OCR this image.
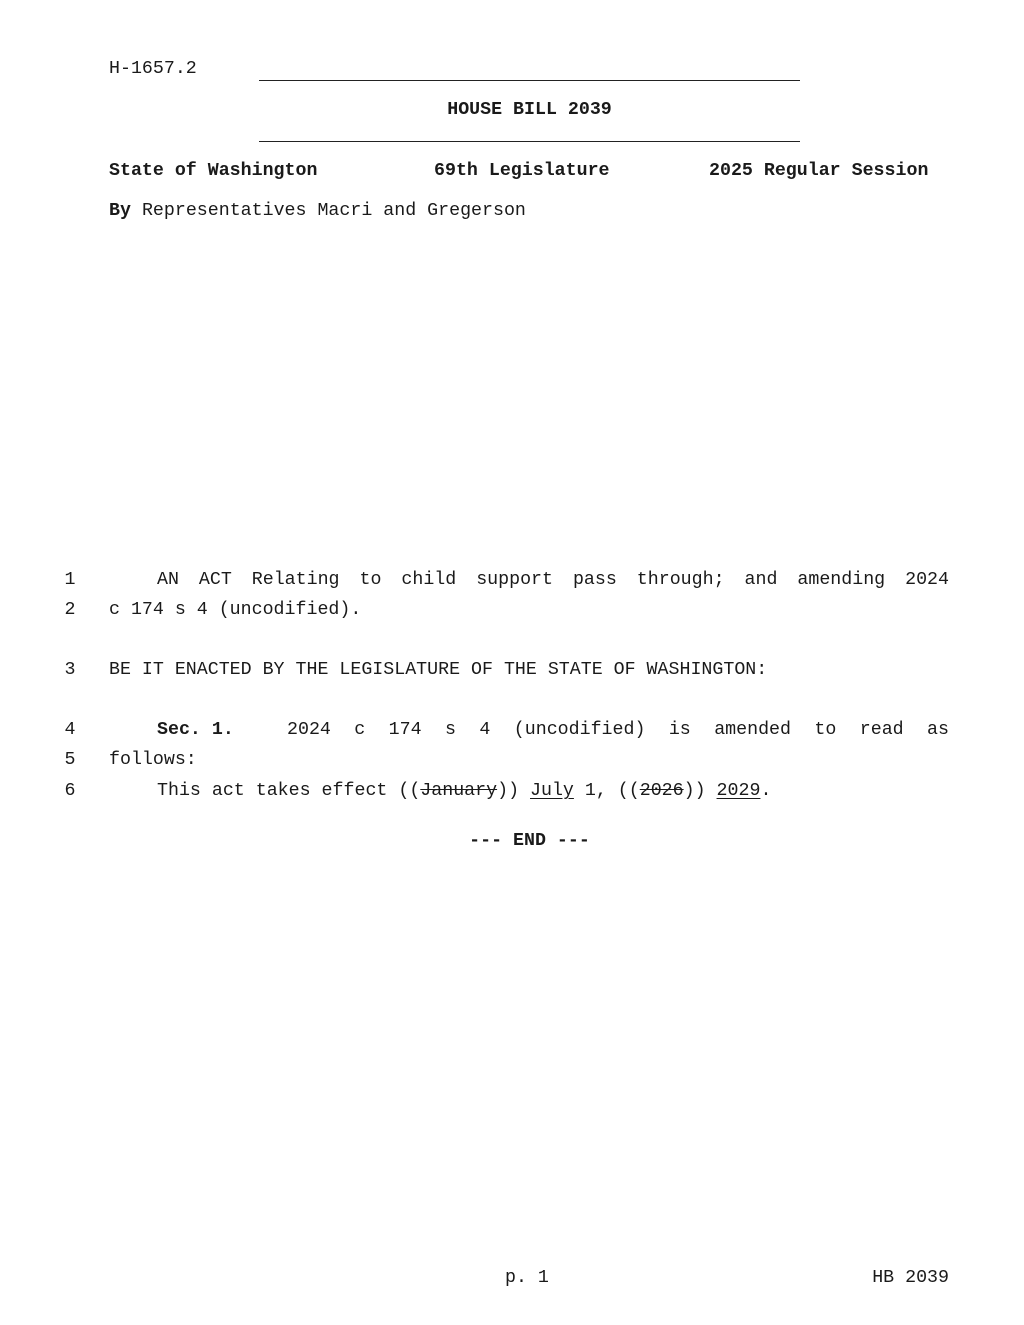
H-1657.2
HOUSE BILL 2039
State of Washington	69th Legislature	2025 Regular Session
By Representatives Macri and Gregerson
1	AN ACT Relating to child support pass through; and amending 2024
2 c 174 s 4 (uncodified).
3 BE IT ENACTED BY THE LEGISLATURE OF THE STATE OF WASHINGTON:
4	Sec. 1.	2024 c 174 s 4 (uncodified) is amended to read as
5 follows:
6	This act takes effect ((January)) July 1, ((2026)) 2029.
--- END ---
p. 1	HB 2039
